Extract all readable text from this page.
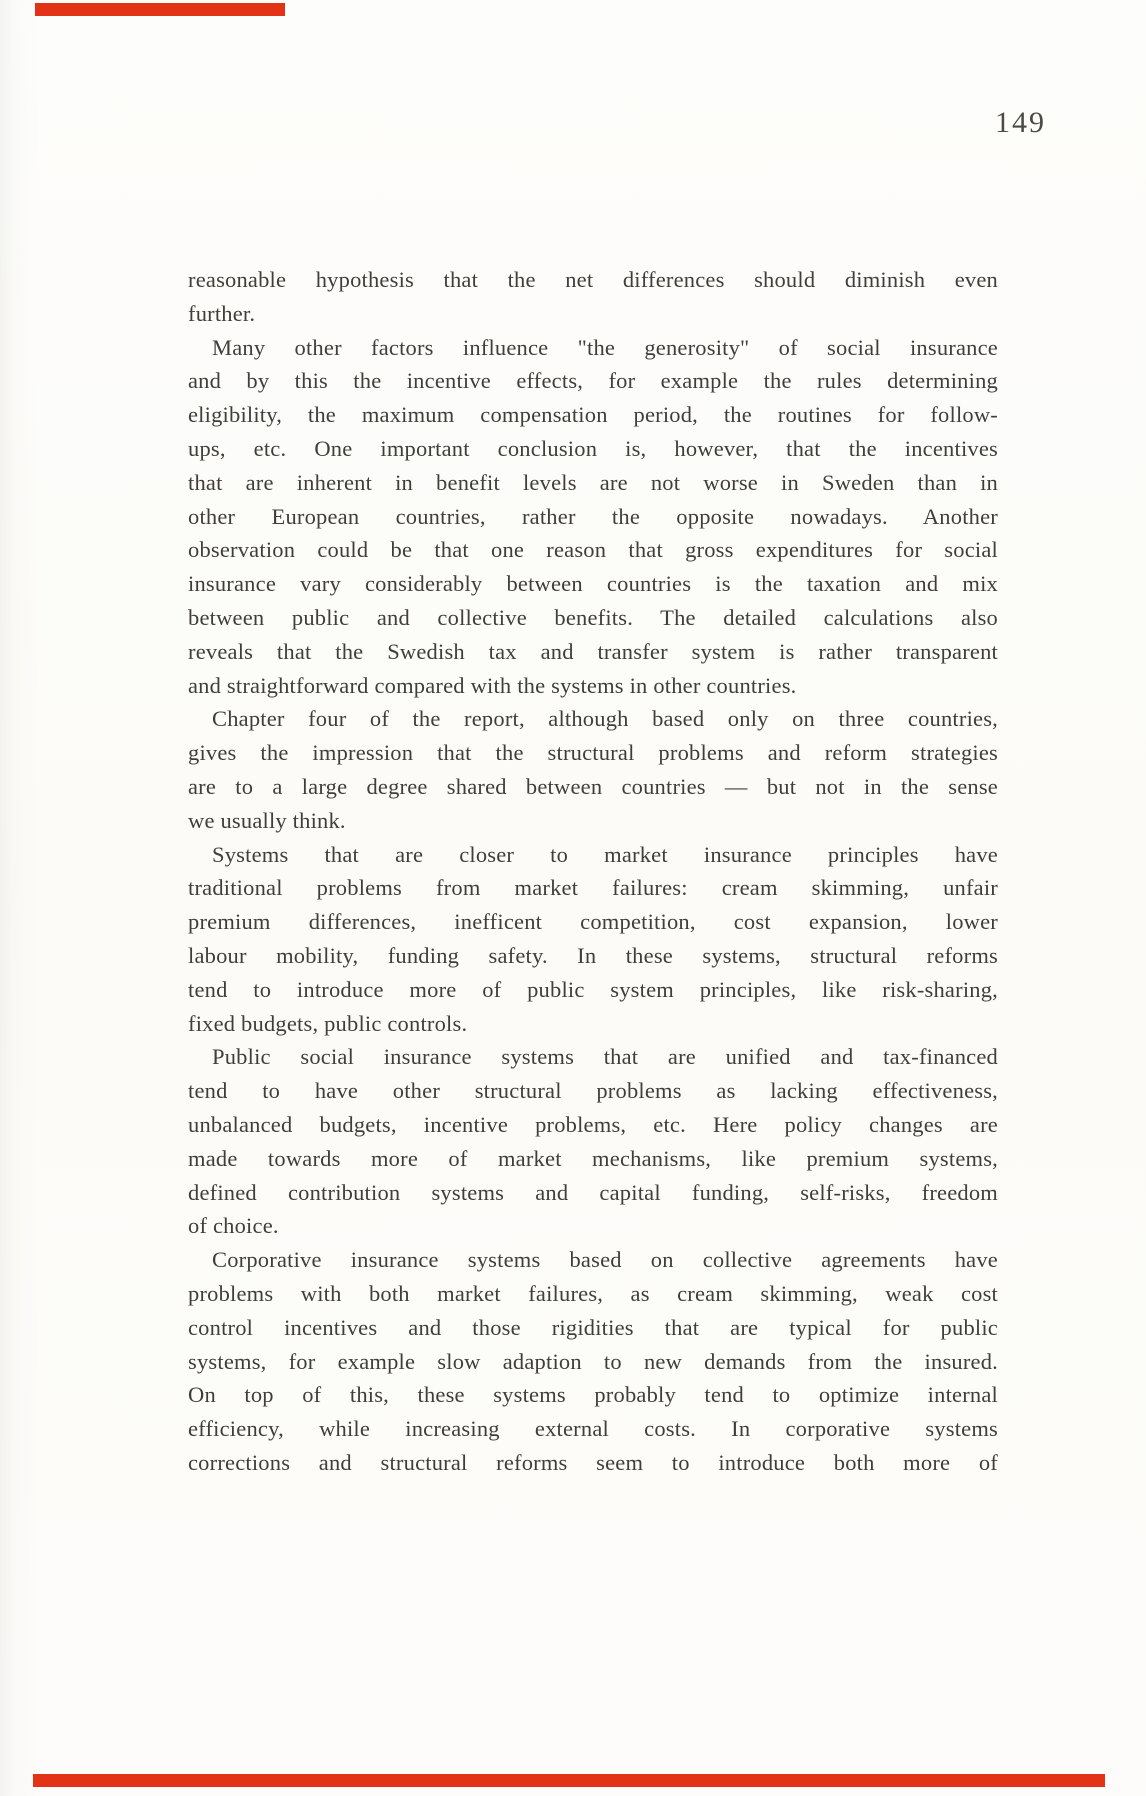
149
reasonable hypothesis that the net differences should diminish even
further.
Many other factors influence "the generosity" of social insurance
and by this the incentive effects, for example the rules determining
eligibility, the maximum compensation period, the routines for follow-
ups, etc. One important conclusion is, however, that the incentives
that are inherent in benefit levels are not worse in Sweden than in
other European countries, rather the opposite nowadays. Another
observation could be that one reason that gross expenditures for social
insurance vary considerably between countries is the taxation and mix
between public and collective benefits. The detailed calculations also
reveals that the Swedish tax and transfer system is rather transparent
and straightforward compared with the systems in other countries.
Chapter four of the report, although based only on three countries,
gives the impression that the structural problems and reform strategies
are to a large degree shared between countries — but not in the sense
we usually think.
Systems that are closer to market insurance principles have
traditional problems from market failures: cream skimming, unfair
premium differences, inefficent competition, cost expansion, lower
labour mobility, funding safety. In these systems, structural reforms
tend to introduce more of public system principles, like risk-sharing,
fixed budgets, public controls.
Public social insurance systems that are unified and tax-financed
tend to have other structural problems as lacking effectiveness,
unbalanced budgets, incentive problems, etc. Here policy changes are
made towards more of market mechanisms, like premium systems,
defined contribution systems and capital funding, self-risks, freedom
of choice.
Corporative insurance systems based on collective agreements have
problems with both market failures, as cream skimming, weak cost
control incentives and those rigidities that are typical for public
systems, for example slow adaption to new demands from the insured.
On top of this, these systems probably tend to optimize internal
efficiency, while increasing external costs. In corporative systems
corrections and structural reforms seem to introduce both more of
